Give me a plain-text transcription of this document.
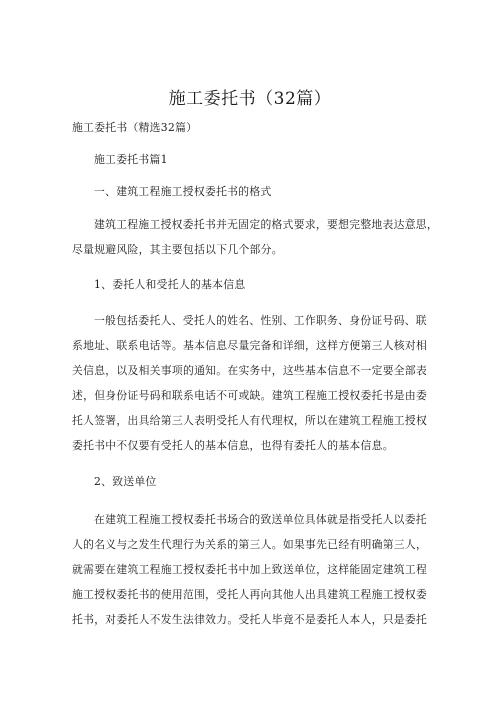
施工委托书（32篇）

施工委托书（精选32篇）

施工委托书篇1

一、建筑工程施工授权委托书的格式

建筑工程施工授权委托书并无固定的格式要求，要想完整地表达意思，

尽量规避风险，其主要包括以下几个部分。

1、委托人和受托人的基本信息

一般包括委托人、受托人的姓名、性别、工作职务、身份证号码、联

系地址、联系电话等。基本信息尽量完备和详细，这样方便第三人核对相

关信息，以及相关事项的通知。在实务中，这些基本信息不一定要全部表

述，但身份证号码和联系电话不可或缺。建筑工程施工授权委托书是由委

托人签署，出具给第三人表明受托人有代理权，所以在建筑工程施工授权

委托书中不仅要有受托人的基本信息，也得有委托人的基本信息。

2、致送单位

在建筑工程施工授权委托书场合的致送单位具体就是指受托人以委托

人的名义与之发生代理行为关系的第三人。如果事先已经有明确第三人，

就需要在建筑工程施工授权委托书中加上致送单位，这样能固定建筑工程

施工授权委托书的使用范围，受托人再向其他人出具建筑工程施工授权委

托书，对委托人不发生法律效力。受托人毕竟不是委托人本人，只是委托
